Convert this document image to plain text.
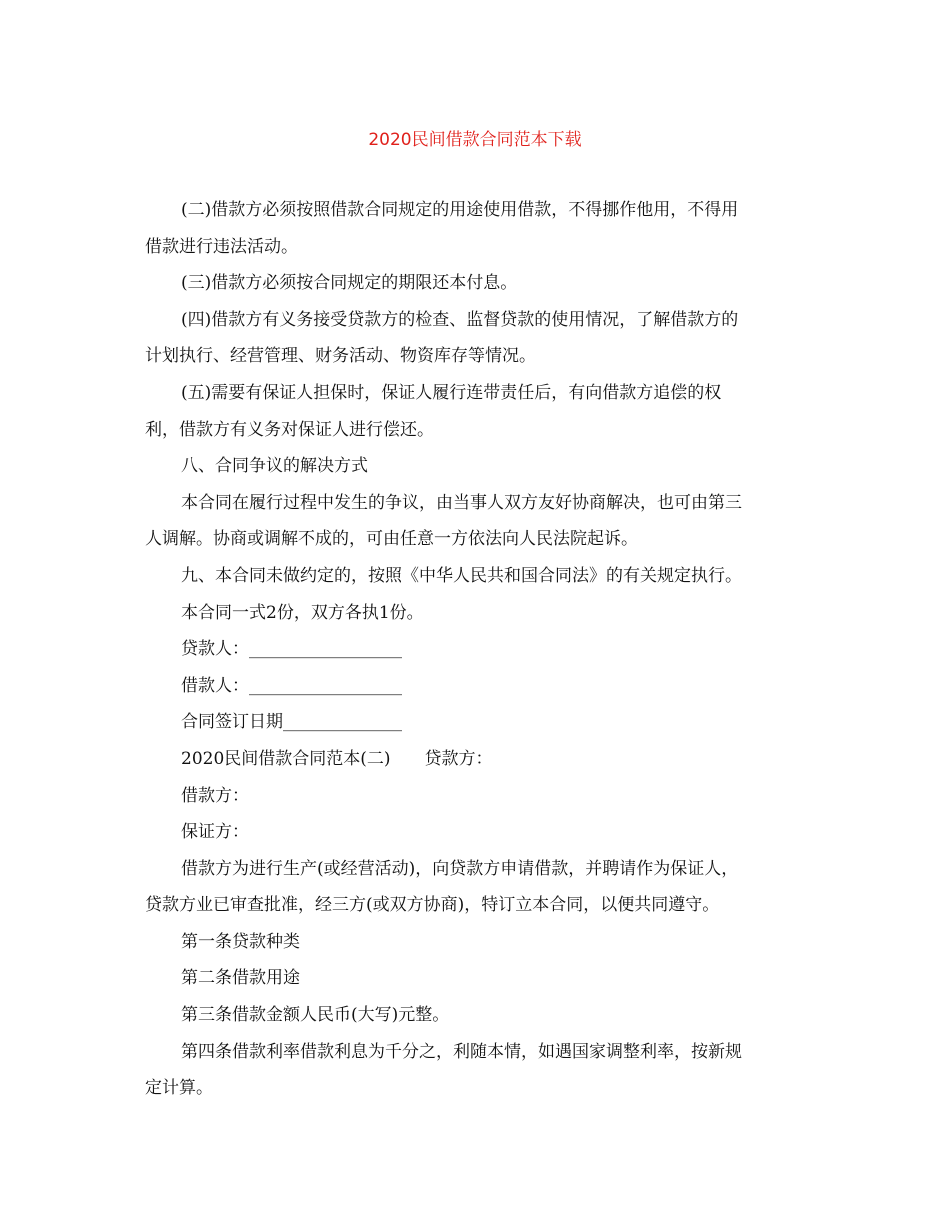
2020民间借款合同范本下载

(二)借款方必须按照借款合同规定的用途使用借款，不得挪作他用，不得用

借款进行违法活动。

(三)借款方必须按合同规定的期限还本付息。

(四)借款方有义务接受贷款方的检查、监督贷款的使用情况，了解借款方的

计划执行、经营管理、财务活动、物资库存等情况。

(五)需要有保证人担保时，保证人履行连带责任后，有向借款方追偿的权

利，借款方有义务对保证人进行偿还。

八、合同争议的解决方式

本合同在履行过程中发生的争议，由当事人双方友好协商解决，也可由第三

人调解。协商或调解不成的，可由任意一方依法向人民法院起诉。

九、本合同未做约定的，按照《中华人民共和国合同法》的有关规定执行。

本合同一式2份，双方各执1份。

贷款人：__________________

借款人：__________________

合同签订日期______________

2020民间借款合同范本(二)　　贷款方：

借款方：

保证方：

借款方为进行生产(或经营活动)，向贷款方申请借款，并聘请作为保证人，

贷款方业已审查批准，经三方(或双方协商)，特订立本合同，以便共同遵守。

第一条贷款种类

第二条借款用途

第三条借款金额人民币(大写)元整。

第四条借款利率借款利息为千分之，利随本情，如遇国家调整利率，按新规

定计算。
